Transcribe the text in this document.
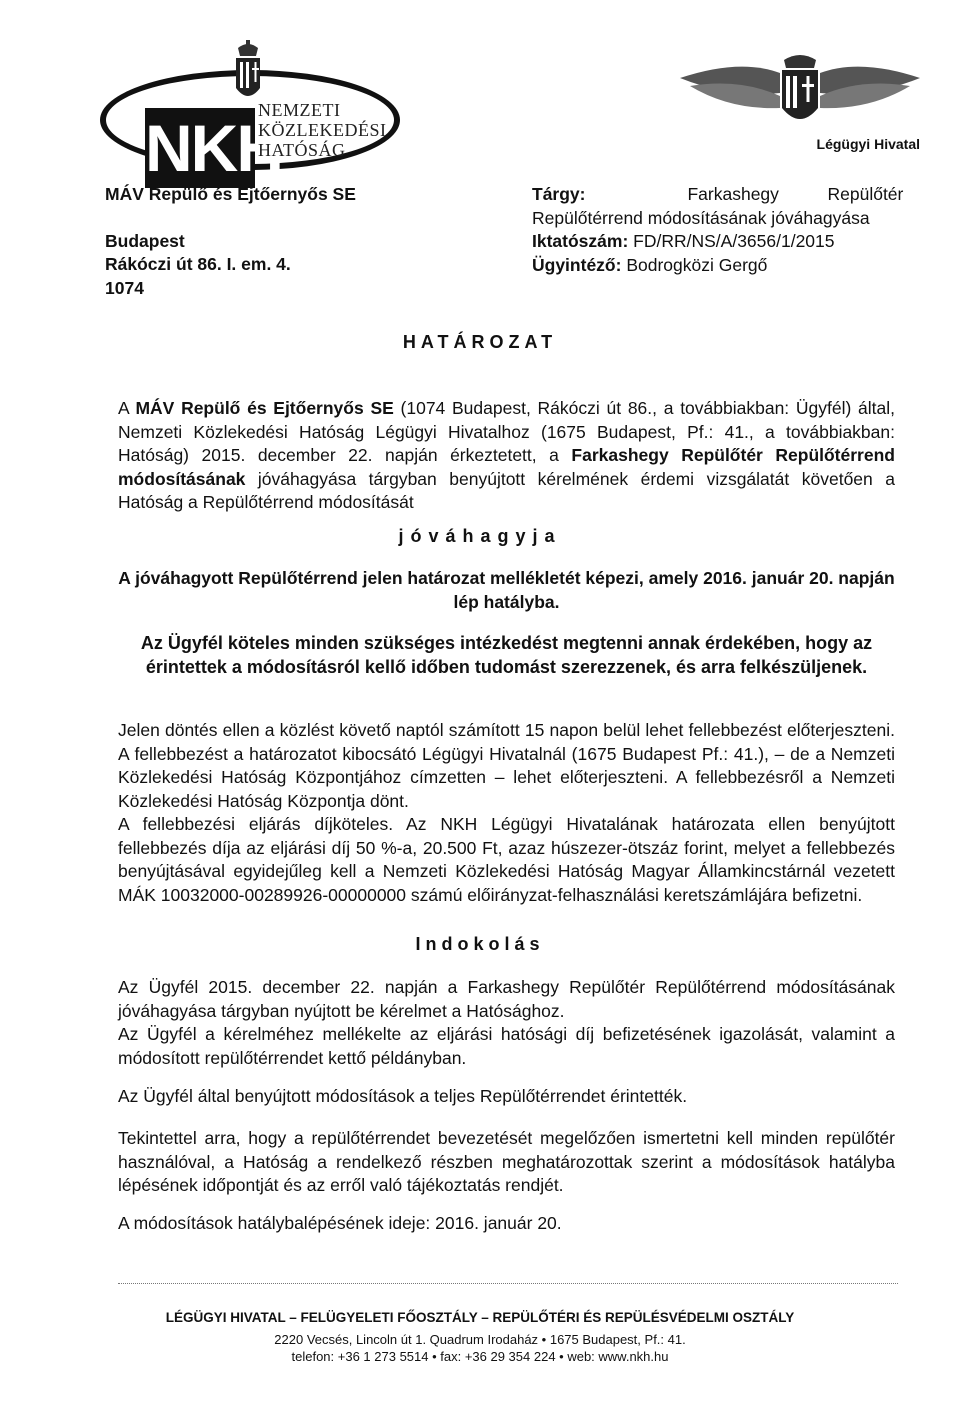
NKH
NEMZETI
KÖZLEKEDÉSI
HATÓSÁG	Légügyi Hivatal
MÁV Repülő és Ejtőernyős SE
Budapest
Rákóczi út 86. I. em. 4.
1074
Tárgy:	Farkashegy	Repülőtér
Repülőtérrend módosításának jóváhagyása
Iktatószám: FD/RR/NS/A/3656/1/2015
Ügyintéző: Bodrogközi Gergő
HATÁROZAT
A MÁV Repülő és Ejtőernyős SE (1074 Budapest, Rákóczi út 86., a továbbiakban: Ügyfél) által, Nemzeti Közlekedési Hatóság Légügyi Hivatalhoz (1675 Budapest, Pf.: 41., a továbbiakban: Hatóság) 2015. december 22. napján érkeztetett, a Farkashegy Repülőtér Repülőtérrend módosításának jóváhagyása tárgyban benyújtott kérelmének érdemi vizsgálatát követően a Hatóság a Repülőtérrend módosítását
jóváhagyja
A jóváhagyott Repülőtérrend jelen határozat mellékletét képezi, amely 2016. január 20. napján lép hatályba.
Az Ügyfél köteles minden szükséges intézkedést megtenni annak érdekében, hogy az érintettek a módosításról kellő időben tudomást szerezzenek, és arra felkészüljenek.
Jelen döntés ellen a közlést követő naptól számított 15 napon belül lehet fellebbezést előterjeszteni. A fellebbezést a határozatot kibocsátó Légügyi Hivatalnál (1675 Budapest Pf.: 41.), – de a Nemzeti Közlekedési Hatóság Központjához címzetten – lehet előterjeszteni. A fellebbezésről a Nemzeti Közlekedési Hatóság Központja dönt.
A fellebbezési eljárás díjköteles. Az NKH Légügyi Hivatalának határozata ellen benyújtott fellebbezés díja az eljárási díj 50 %-a, 20.500 Ft, azaz húszezer-ötszáz forint, melyet a fellebbezés benyújtásával egyidejűleg kell a Nemzeti Közlekedési Hatóság Magyar Államkincstárnál vezetett MÁK 10032000-00289926-00000000 számú előirányzat-felhasználási keretszámlájára befizetni.
Indokolás
Az Ügyfél 2015. december 22. napján a Farkashegy Repülőtér Repülőtérrend módosításának jóváhagyása tárgyban nyújtott be kérelmet a Hatósághoz.
Az Ügyfél a kérelméhez mellékelte az eljárási hatósági díj befizetésének igazolását, valamint a módosított repülőtérrendet kettő példányban.
Az Ügyfél által benyújtott módosítások a teljes Repülőtérrendet érintették.
Tekintettel arra, hogy a repülőtérrendet bevezetését megelőzően ismertetni kell minden repülőtér használóval, a Hatóság a rendelkező részben meghatározottak szerint a módosítások hatályba lépésének időpontját és az erről való tájékoztatás rendjét.
A módosítások hatálybalépésének ideje: 2016. január 20.
LÉGÜGYI HIVATAL – FELÜGYELETI FŐOSZTÁLY – REPÜLŐTÉRI ÉS REPÜLÉSVÉDELMI OSZTÁLY
2220 Vecsés, Lincoln út 1. Quadrum Irodaház • 1675 Budapest, Pf.: 41.
telefon: +36 1 273 5514 • fax: +36 29 354 224 • web: www.nkh.hu
